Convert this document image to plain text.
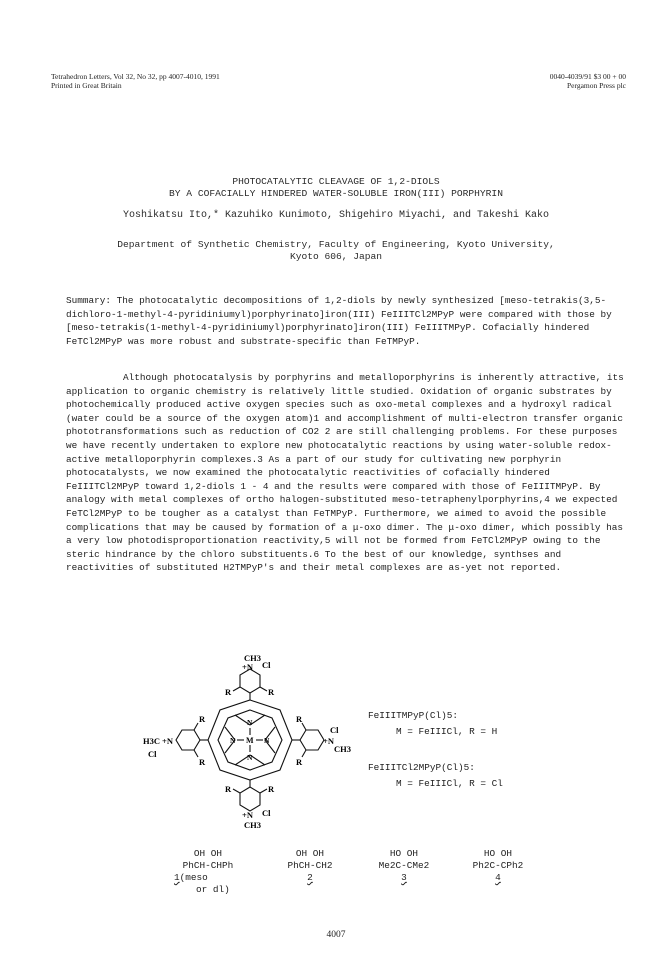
Tetrahedron Letters, Vol 32, No 32, pp 4007-4010, 1991
Printed in Great Britain
0040-4039/91 $3 00 + 00
Pergamon Press plc
PHOTOCATALYTIC CLEAVAGE OF 1,2-DIOLS
BY A COFACIALLY HINDERED WATER-SOLUBLE IRON(III) PORPHYRIN
Yoshikatsu Ito,* Kazuhiko Kunimoto, Shigehiro Miyachi, and Takeshi Kako
Department of Synthetic Chemistry, Faculty of Engineering, Kyoto University,
Kyoto 606, Japan

Summary: The photocatalytic decompositions of 1,2-diols by newly synthesized [meso-tetrakis(3,5-dichloro-1-methyl-4-pyridiniumyl)porphyrinato]iron(III) FeIIITCl2MPyP were compared with those by [meso-tetrakis(1-methyl-4-pyridiniumyl)porphyrinato]iron(III) FeIIITMPyP. Cofacially hindered FeTCl2MPyP was more robust and substrate-specific than FeTMPyP.

Although photocatalysis by porphyrins and metalloporphyrins is inherently attractive, its application to organic chemistry is relatively little studied. Oxidation of organic substrates by photochemically produced active oxygen species such as oxo-metal complexes and a hydroxyl radical (water could be a source of the oxygen atom)1 and accomplishment of multi-electron transfer organic phototransformations such as reduction of CO2 2 are still challenging problems. For these purposes we have recently undertaken to explore new photocatalytic reactions by using water-soluble redox-active metalloporphyrin complexes.3 As a part of our study for cultivating new porphyrin photocatalysts, we now examined the photocatalytic reactivities of cofacially hindered FeIIITCl2MPyP toward 1,2-diols 1 - 4 and the results were compared with those of FeIIITMPyP. By analogy with metal complexes of ortho halogen-substituted meso-tetraphenylporphyrins,4 we expected FeTCl2MPyP to be tougher as a catalyst than FeTMPyP. Furthermore, we aimed to avoid the possible complications that may be caused by formation of a μ-oxo dimer. The μ-oxo dimer, which possibly has a very low photodisproportionation reactivity,5 will not be formed from FeTCl2MPyP owing to the steric hindrance by the chloro substituents.6 To the best of our knowledge, synthses and reactivities of substituted H2TMPyP's and their metal complexes are as-yet not reported.

CH3
+N Cl
R	R
R	R
R	R
R	R
H3C +N
Cl
+N
CH3
Cl
+N Cl
CH3
N
N
N	N
M
FeIIITMPyP(Cl)5:
M = FeIIICl, R = H
FeIIITCl2MPyP(Cl)5:
M = FeIIICl, R = Cl
OH OH
PhCH-CHPh
1(meso
or dl)
OH OH
PhCH-CH2
2
HO OH
Me2C-CMe2
3
HO OH
Ph2C-CPh2
4
4007
